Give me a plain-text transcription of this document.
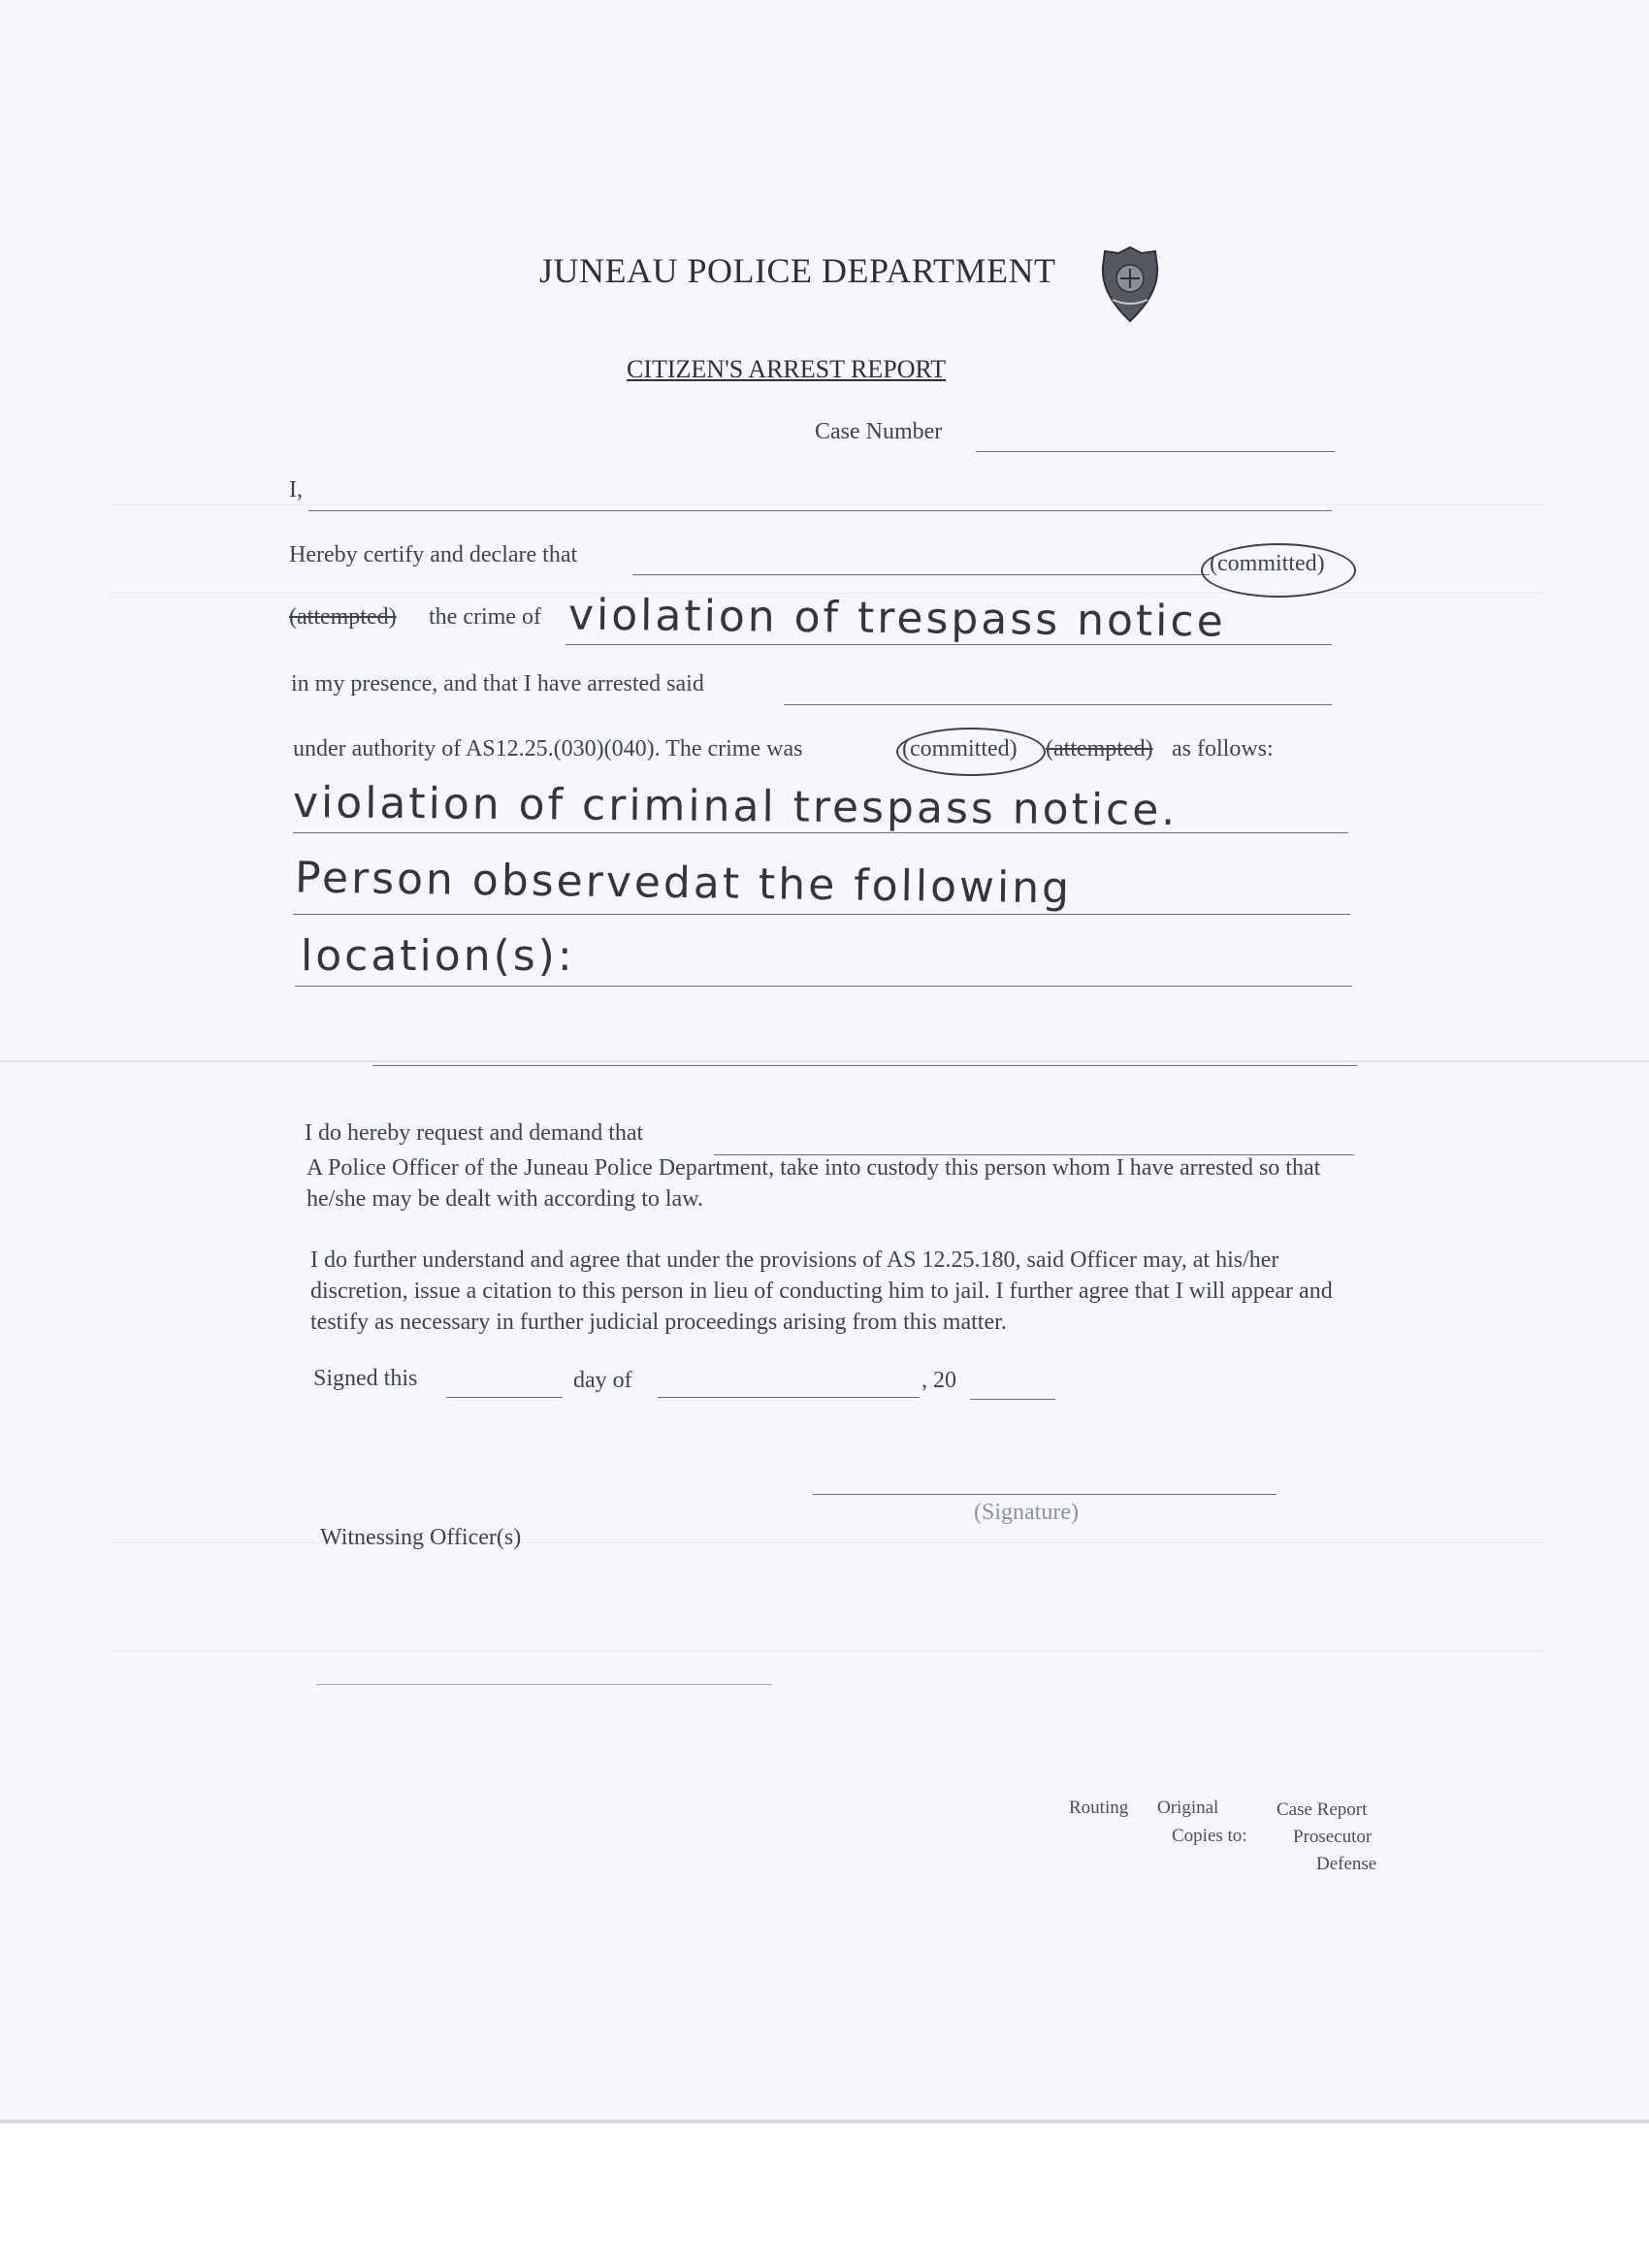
JUNEAU POLICE DEPARTMENT
CITIZEN'S ARREST REPORT
Case Number
I,
Hereby certify and declare that	(committed)
(attempted) the crime of violation of trespass notice
in my presence, and that I have arrested said
under authority of AS12.25.(030)(040). The crime was	(committed) (attempted) as follows:
violation of criminal trespass notice.
Person observedat the following
location(s):
I do hereby request and demand that
A Police Officer of the Juneau Police Department, take into custody this person whom I have arrested so that he/she may be dealt with according to law.
I do further understand and agree that under the provisions of AS 12.25.180, said Officer may, at his/her discretion, issue a citation to this person in lieu of conducting him to jail. I further agree that I will appear and testify as necessary in further judicial proceedings arising from this matter.
Signed this	day of	, 20
(Signature)
Witnessing Officer(s)
Routing Original	Case Report
Copies to: Prosecutor
Defense
